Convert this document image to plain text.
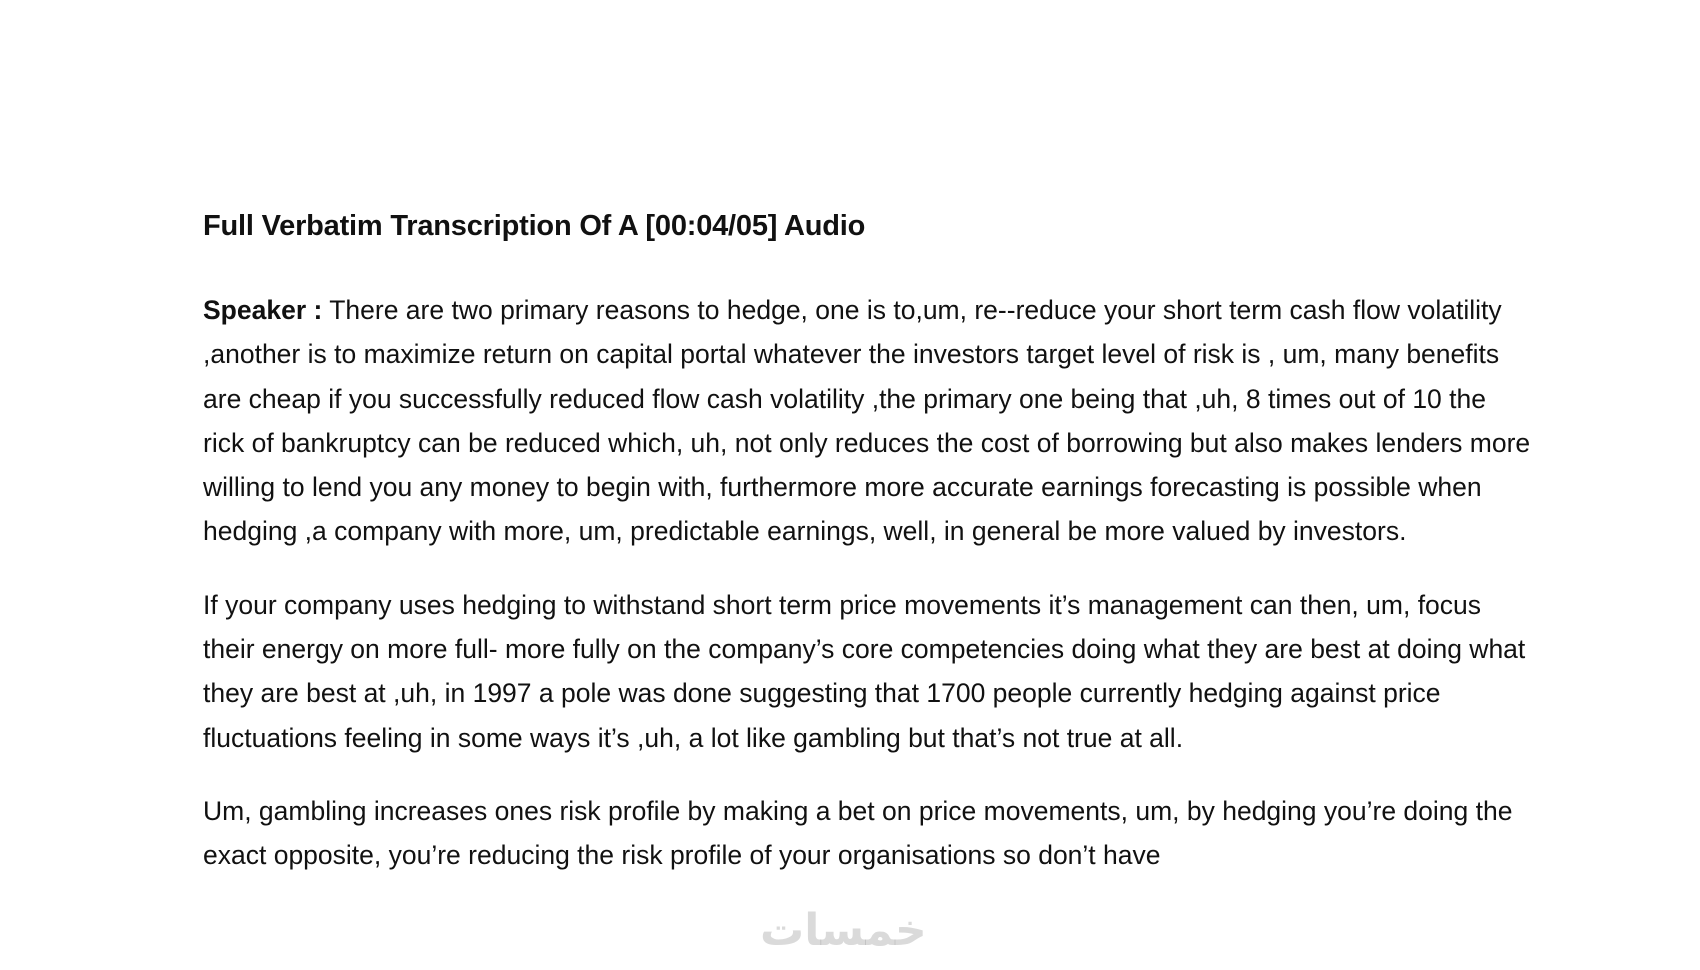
Full Verbatim Transcription Of A [00:04/05] Audio

Speaker : There are two primary reasons to hedge, one is to,um, re--reduce your short term cash flow volatility ,another is to maximize return on capital portal whatever the investors target level of risk is , um, many benefits are cheap if you successfully reduced flow cash volatility ,the primary one being that ,uh, 8 times out of 10 the rick of bankruptcy can be reduced which, uh, not only reduces the cost of borrowing but also makes lenders more willing to lend you any money to begin with, furthermore more accurate earnings forecasting is possible when hedging ,a company with more, um, predictable earnings, well, in general be more valued by investors.

If your company uses hedging to withstand short term price movements it’s management can then, um, focus their energy on more full- more fully on the company’s core competencies doing what they are best at doing what they are best at ,uh, in 1997 a pole was done suggesting that 1700 people currently hedging against price fluctuations feeling in some ways it’s ,uh, a lot like gambling but that’s not true at all.

Um, gambling increases ones risk profile by making a bet on price movements, um, by hedging you’re doing the exact opposite, you’re reducing the risk profile of your organisations so don’t have

خمسات
